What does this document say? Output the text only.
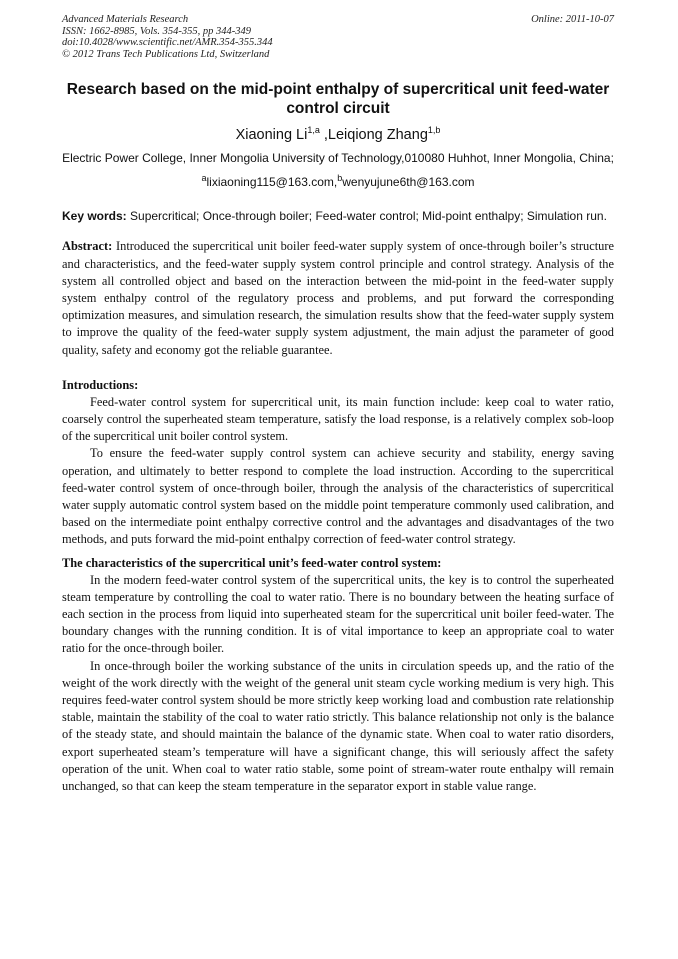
Advanced Materials Research
ISSN: 1662-8985, Vols. 354-355, pp 344-349
doi:10.4028/www.scientific.net/AMR.354-355.344
© 2012 Trans Tech Publications Ltd, Switzerland
Online: 2011-10-07
Research based on the mid-point enthalpy of supercritical unit feed-water control circuit
Xiaoning Li$^{1,a}$ ,Leiqiong Zhang$^{1,b}$
Electric Power College, Inner Mongolia University of Technology,010080 Huhhot, Inner Mongolia, China;
$^a$lixiaoning115@163.com,$^b$wenyujune6th@163.com
Key words: Supercritical; Once-through boiler; Feed-water control; Mid-point enthalpy; Simulation run.
Abstract: Introduced the supercritical unit boiler feed-water supply system of once-through boiler’s structure and characteristics, and the feed-water supply system control principle and control strategy. Analysis of the system all controlled object and based on the interaction between the mid-point in the feed-water supply system enthalpy control of the regulatory process and problems, and put forward the corresponding optimization measures, and simulation research, the simulation results show that the feed-water supply system to improve the quality of the feed-water supply system adjustment, the main adjust the parameter of good quality, safety and economy got the reliable guarantee.
Introductions:
Feed-water control system for supercritical unit, its main function include: keep coal to water ratio, coarsely control the superheated steam temperature, satisfy the load response, is a relatively complex sob-loop of the supercritical unit boiler control system.
To ensure the feed-water supply control system can achieve security and stability, energy saving operation, and ultimately to better respond to complete the load instruction. According to the supercritical feed-water control system of once-through boiler, through the analysis of the characteristics of supercritical water supply automatic control system based on the middle point temperature commonly used calibration, and based on the intermediate point enthalpy corrective control and the advantages and disadvantages of the two methods, and puts forward the mid-point enthalpy correction of feed-water control strategy.
The characteristics of the supercritical unit’s feed-water control system:
In the modern feed-water control system of the supercritical units, the key is to control the superheated steam temperature by controlling the coal to water ratio. There is no boundary between the heating surface of each section in the process from liquid into superheated steam for the supercritical unit boiler feed-water. The boundary changes with the running condition. It is of vital importance to keep an appropriate coal to water ratio for the once-through boiler.
In once-through boiler the working substance of the units in circulation speeds up, and the ratio of the weight of the work directly with the weight of the general unit steam cycle working medium is very high. This requires feed-water control system should be more strictly keep working load and combustion rate relationship stable, maintain the stability of the coal to water ratio strictly. This balance relationship not only is the balance of the steady state, and should maintain the balance of the dynamic state. When coal to water ratio disorders, export superheated steam’s temperature will have a significant change, this will seriously affect the safety operation of the unit. When coal to water ratio stable, some point of stream-water route enthalpy will remain unchanged, so that can keep the steam temperature in the separator export in stable value range.
